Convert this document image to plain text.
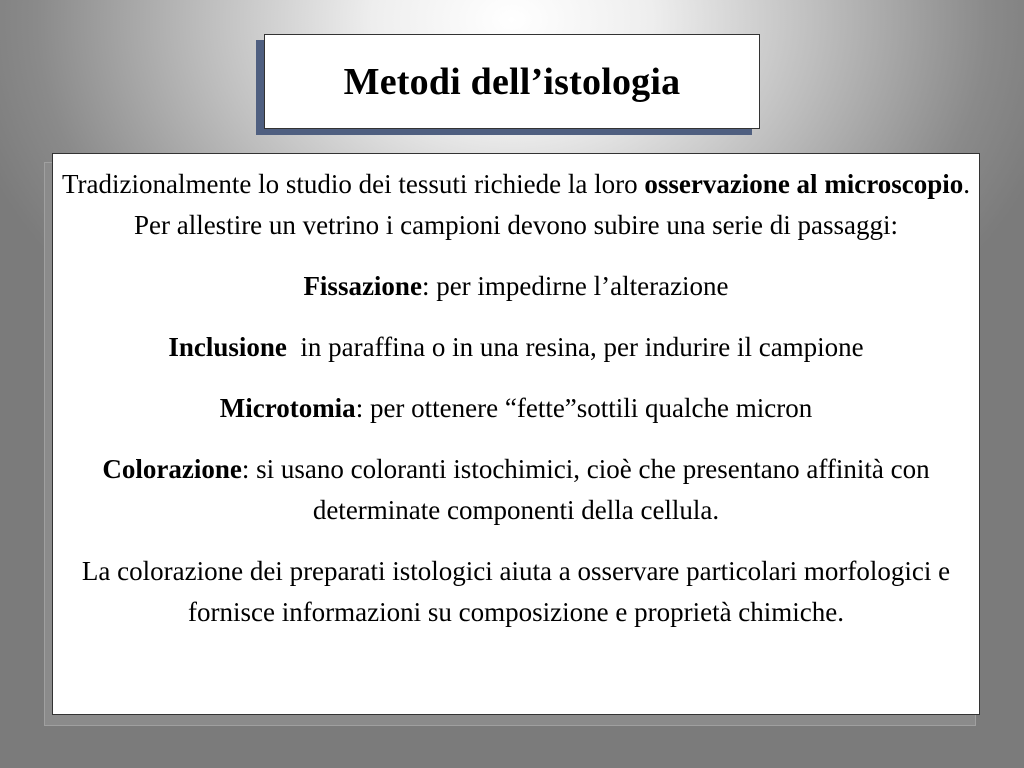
Metodi dell’istologia

Tradizionalmente lo studio dei tessuti richiede la loro osservazione al microscopio. Per allestire un vetrino i campioni devono subire una serie di passaggi:

Fissazione: per impedirne l’alterazione

Inclusione  in paraffina o in una resina, per indurire il campione

Microtomia: per ottenere “fette”sottili qualche micron

Colorazione: si usano coloranti istochimici, cioè che presentano affinità con determinate componenti della cellula.

La colorazione dei preparati istologici aiuta a osservare particolari morfologici e fornisce informazioni su composizione e proprietà chimiche.
